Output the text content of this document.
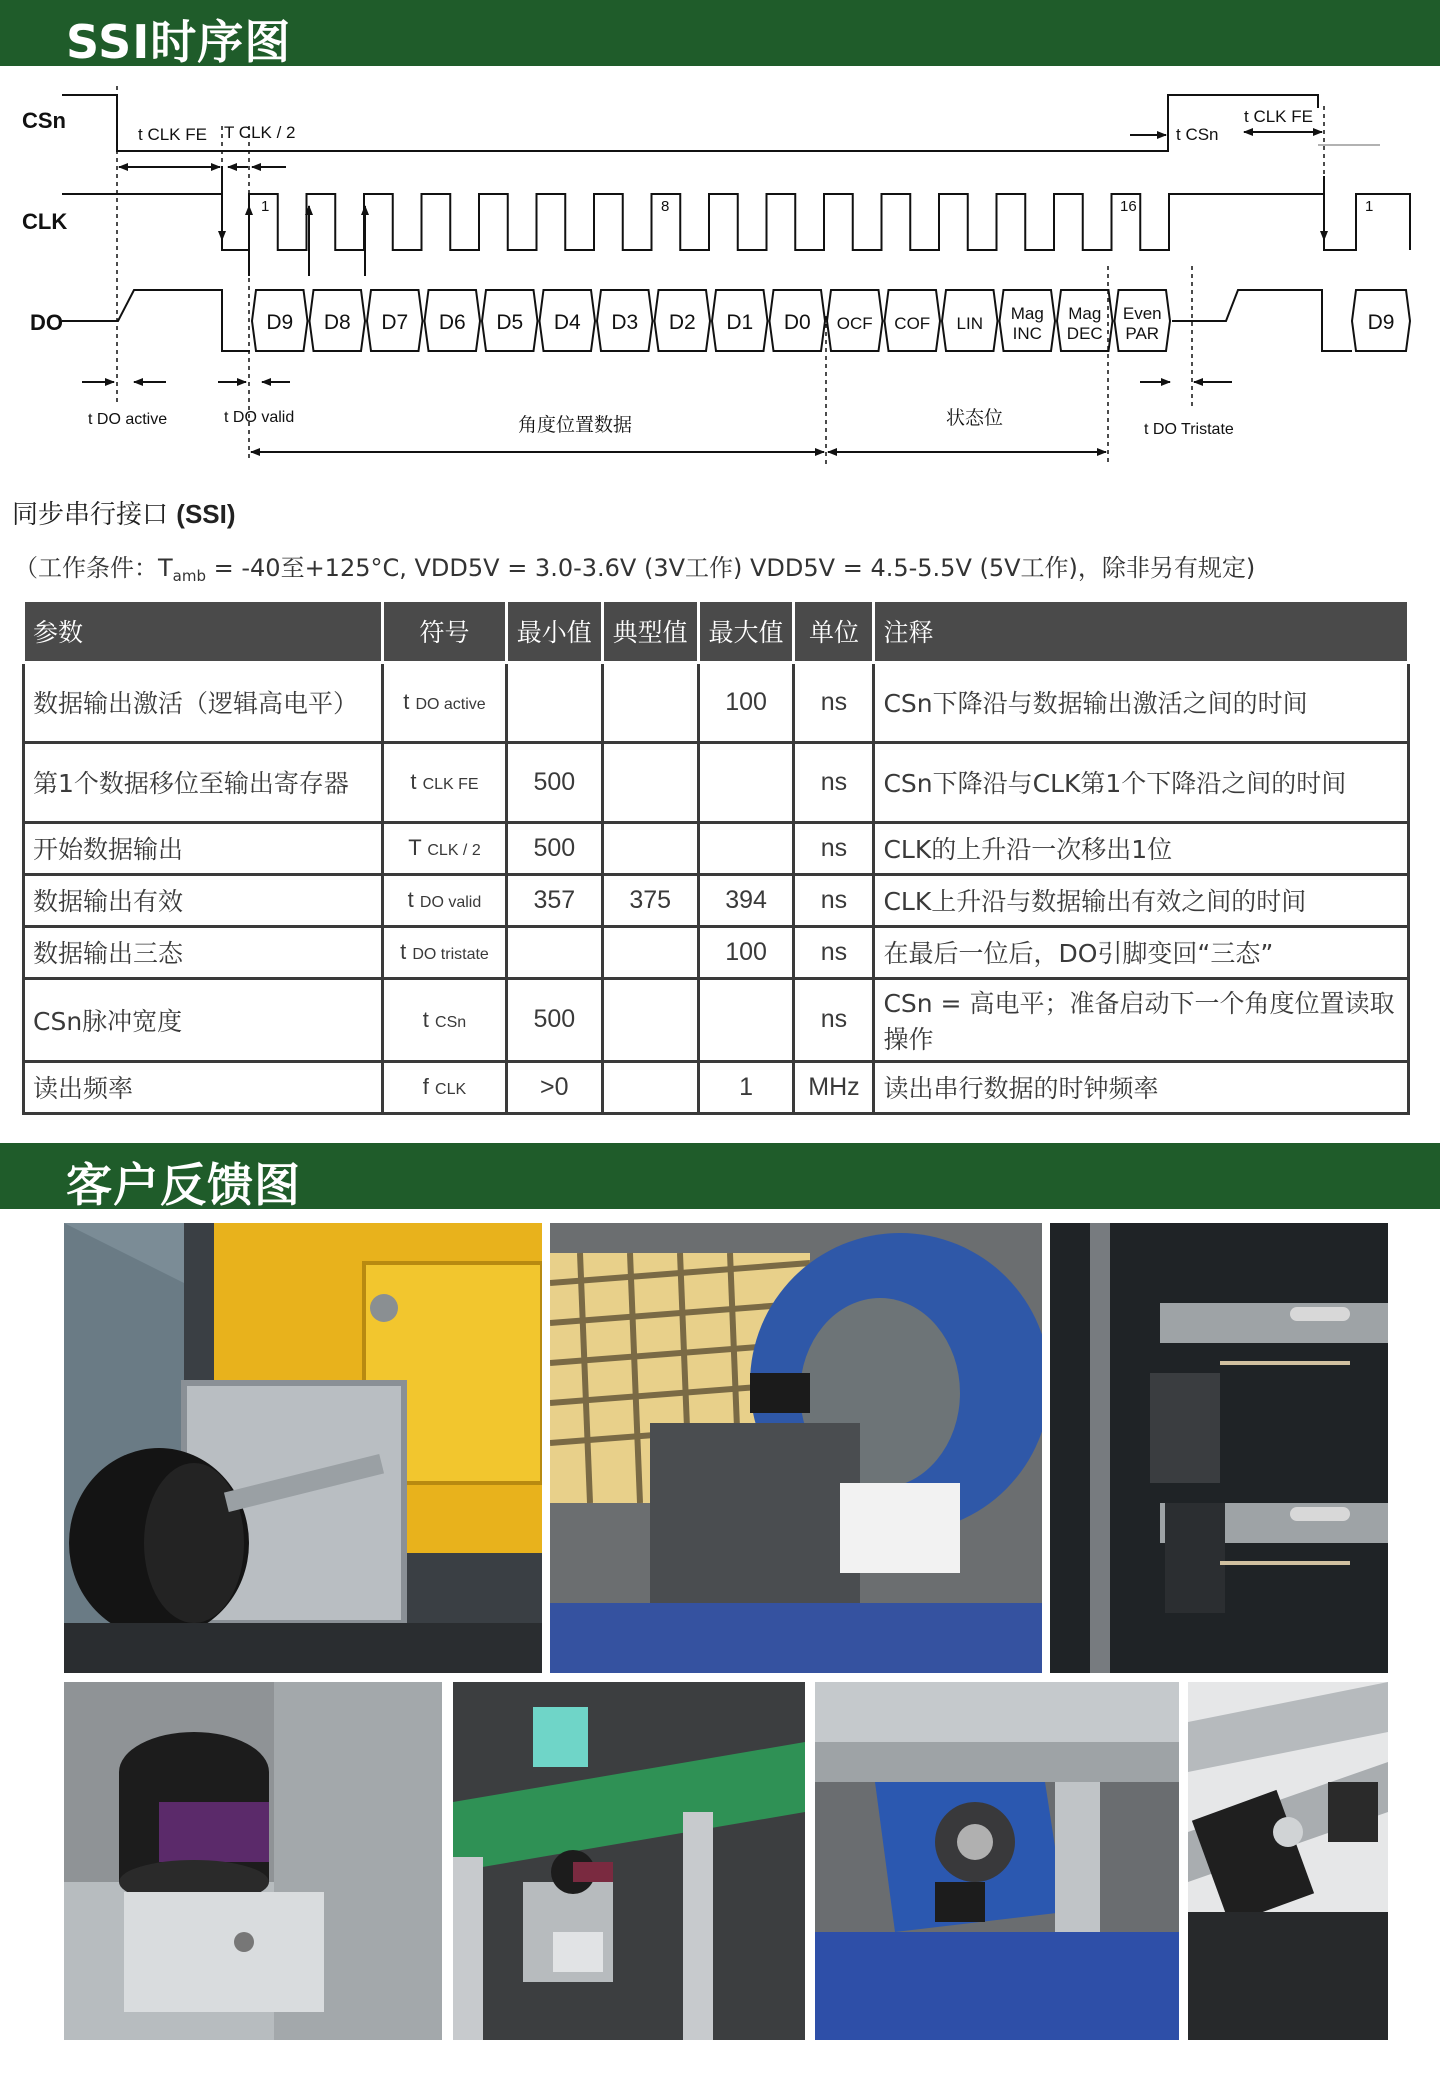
SSI时序图
CSn
CLK
DO	D9 D8 D7 D6 D5 D4 D3 D2 D1 D0 OCF COF LIN
Mag INC
Mag DEC
Even PAR	D9
t CLK FE T CLK / 2	t CSn
t CLK FE
1	8	16	1
t DO active	t DO valid
t DO Tristate
角度位置数据	状态位
同步串行接口 (SSI)
（工作条件：$T_{amb} = -40$至+125°C, VDD5V = 3.0-3.6V (3V工作) VDD5V = 4.5-5.5V (5V工作)，除非另有规定)
参数	符号	最小值	典型值	最大值	单位	注释
数据输出激活（逻辑高电平）	t DO active			100	ns	CSn下降沿与数据输出激活之间的时间
第1个数据移位至输出寄存器	t CLK FE	500			ns	CSn下降沿与CLK第1个下降沿之间的时间
开始数据输出	T CLK / 2	500			ns	CLK的上升沿一次移出1位
数据输出有效	t DO valid	357	375	394	ns	CLK上升沿与数据输出有效之间的时间
数据输出三态	t DO tristate			100	ns	在最后一位后，DO引脚变回“三态”
CSn脉冲宽度	t CSn	500			ns	CSn = 高电平；准备启动下一个角度位置读取操作
读出频率	f CLK	>0		1	MHz	读出串行数据的时钟频率
客户反馈图
